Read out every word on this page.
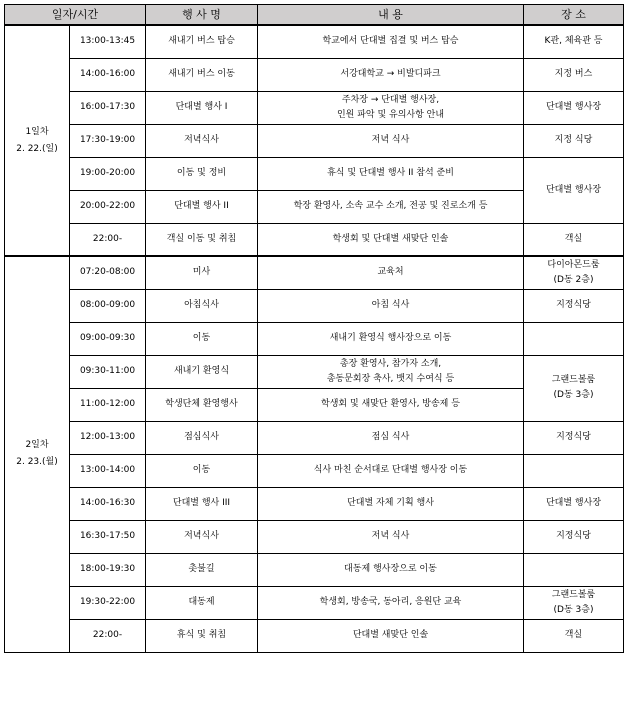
일자/시간		행 사 명	내 용	장 소
1일차
2. 22.(일)	13:00-13:45	새내기 버스 탑승	학교에서 단대별 집결 및 버스 탑승	K관, 체육관 등
	14:00-16:00	새내기 버스 이동	서강대학교 → 비발디파크	지정 버스
	16:00-17:30	단대별 행사 I	주차장 → 단대별 행사장,
인원 파악 및 유의사항 안내	단대별 행사장
	17:30-19:00	저녁식사	저녁 식사	지정 식당
	19:00-20:00	이동 및 정비	휴식 및 단대별 행사 II 참석 준비	단대별 행사장
	20:00-22:00	단대별 행사 II	학장 환영사, 소속 교수 소개, 전공 및 진로소개 등	
	22:00-	객실 이동 및 취침	학생회 및 단대별 새맞단 인솔	객실
2일차
2. 23.(월)	07:20-08:00	미사	교육처	다이아몬드룸
(D동 2층)
	08:00-09:00	아침식사	아침 식사	지정식당
	09:00-09:30	이동	새내기 환영식 행사장으로 이동	
	09:30-11:00	새내기 환영식	총장 환영사, 참가자 소개,
총동문회장 축사, 뱃지 수여식 등	그랜드볼룸
(D동 3층)
	11:00-12:00	학생단체 환영행사	학생회 및 새맞단 환영사, 방송제 등	
	12:00-13:00	점심식사	점심 식사	지정식당
	13:00-14:00	이동	식사 마친 순서대로 단대별 행사장 이동	
	14:00-16:30	단대별 행사 III	단대별 자체 기획 행사	단대별 행사장
	16:30-17:50	저녁식사	저녁 식사	지정식당
	18:00-19:30	촛불길	대동제 행사장으로 이동	
	19:30-22:00	대동제	학생회, 방송국, 동아리, 응원단 교육	그랜드볼룸
(D동 3층)
	22:00-	휴식 및 취침	단대별 새맞단 인솔	객실
